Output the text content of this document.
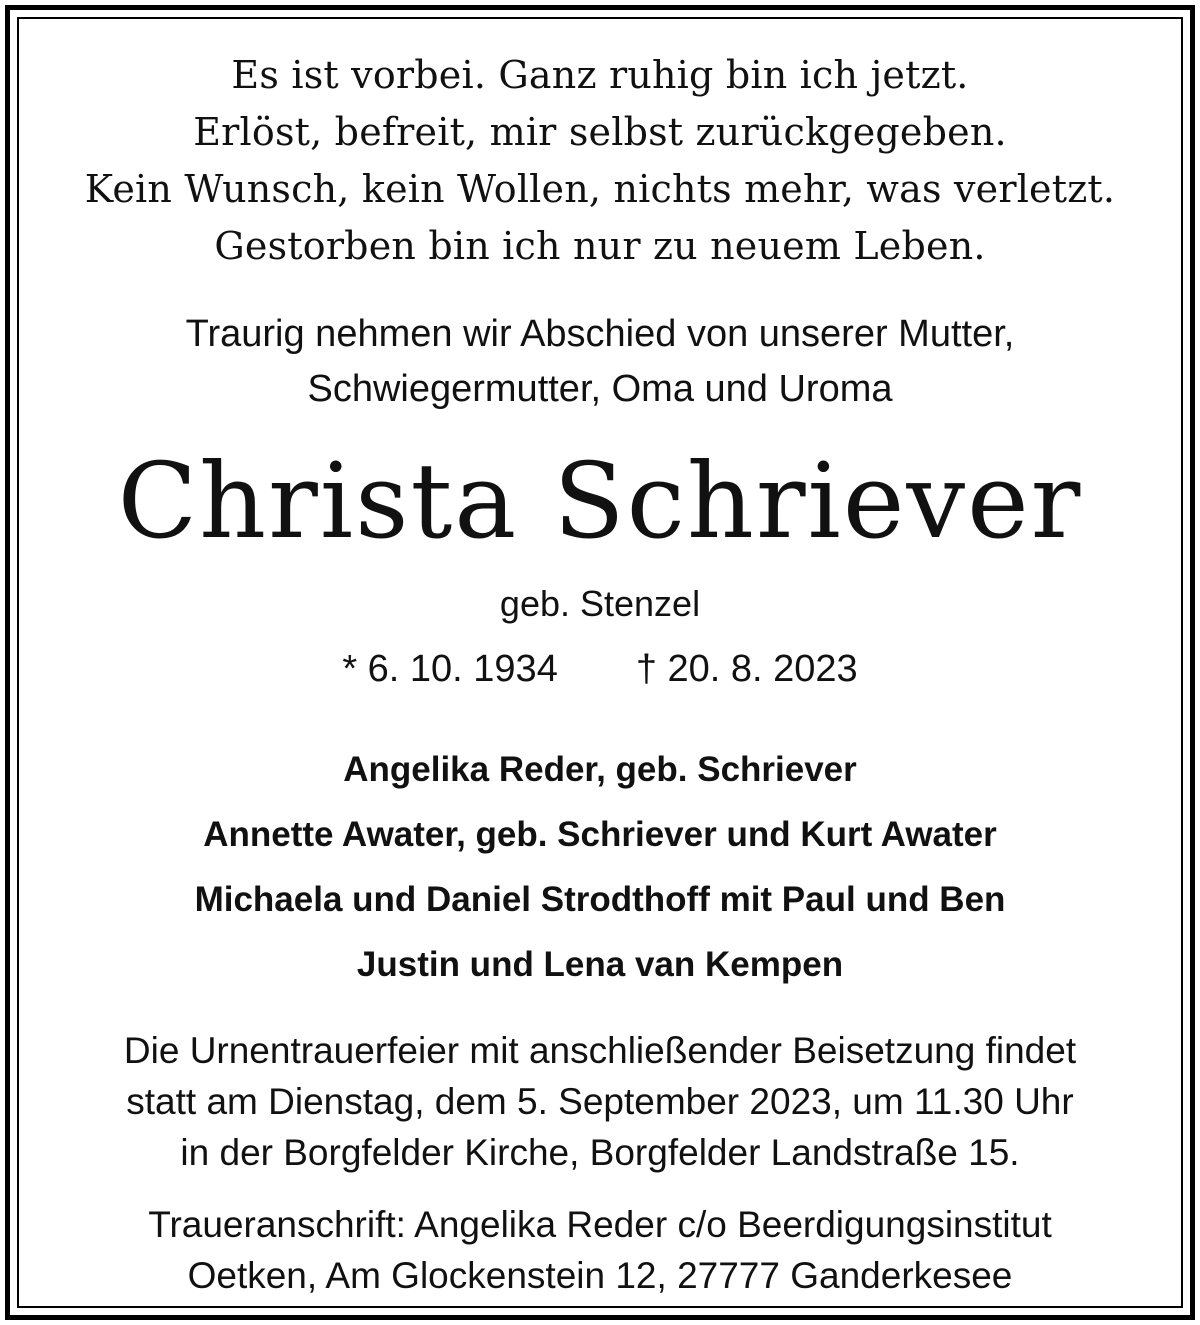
Es ist vorbei. Ganz ruhig bin ich jetzt.
Erlöst, befreit, mir selbst zurückgegeben.
Kein Wunsch, kein Wollen, nichts mehr, was verletzt.
Gestorben bin ich nur zu neuem Leben.
Traurig nehmen wir Abschied von unserer Mutter,
Schwiegermutter, Oma und Uroma
Christa Schriever
geb. Stenzel
* 6. 10. 1934 † 20. 8. 2023
Angelika Reder, geb. Schriever
Annette Awater, geb. Schriever und Kurt Awater
Michaela und Daniel Strodthoff mit Paul und Ben
Justin und Lena van Kempen
Die Urnentrauerfeier mit anschließender Beisetzung findet
statt am Dienstag, dem 5. September 2023, um 11.30 Uhr
in der Borgfelder Kirche, Borgfelder Landstraße 15.
Traueranschrift: Angelika Reder c/o Beerdigungsinstitut
Oetken, Am Glockenstein 12, 27777 Ganderkesee
